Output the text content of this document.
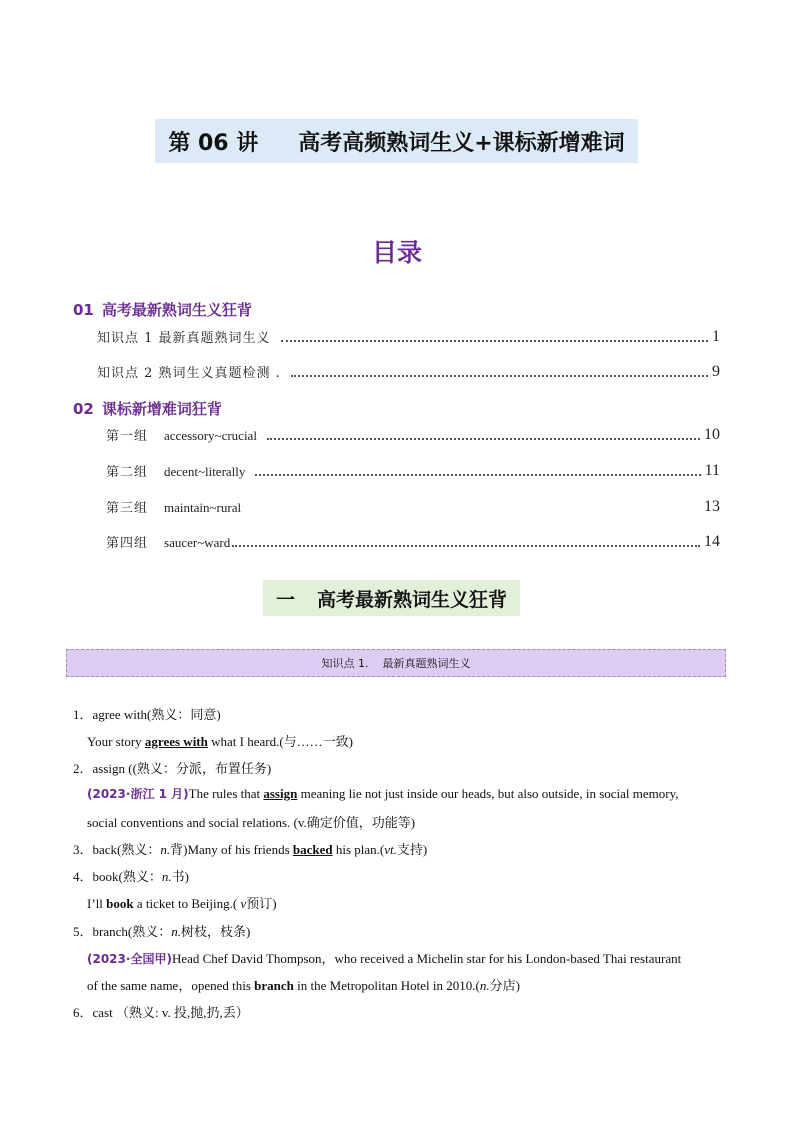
第 06 讲 高考高频熟词生义+课标新增难词
目录
01 高考最新熟词生义狂背
知识点 1 最新真题熟词生义	1
知识点 2 熟词生义真题检测 .	9
02 课标新增难词狂背
第一组 accessory~crucial	10
第二组 decent~literally	11
第三组 maintain~rural	13
第四组 saucer~ward	14
一 高考最新熟词生义狂背
知识点 1. 最新真题熟词生义
1．agree with(熟义：同意)
Your story agrees with what I heard.(与……一致)
2．assign ((熟义：分派，布置任务)
(2023·浙江 1 月)The rules that assign meaning lie not just inside our heads, but also outside, in social memory,
social conventions and social relations. (v.确定价值，功能等)
3．back(熟义：n.背)Many of his friends backed his plan.(vt.支持)
4．book(熟义：n.书)
I’ll book a ticket to Beijing.( v预订)
5．branch(熟义：n.树枝，枝条)
(2023·全国甲)Head Chef David Thompson，who received a Michelin star for his London-based Thai restaurant
of the same name，opened this branch in the Metropolitan Hotel in 2010.(n.分店)
6．cast （熟义: v. 投,抛,扔,丢）
